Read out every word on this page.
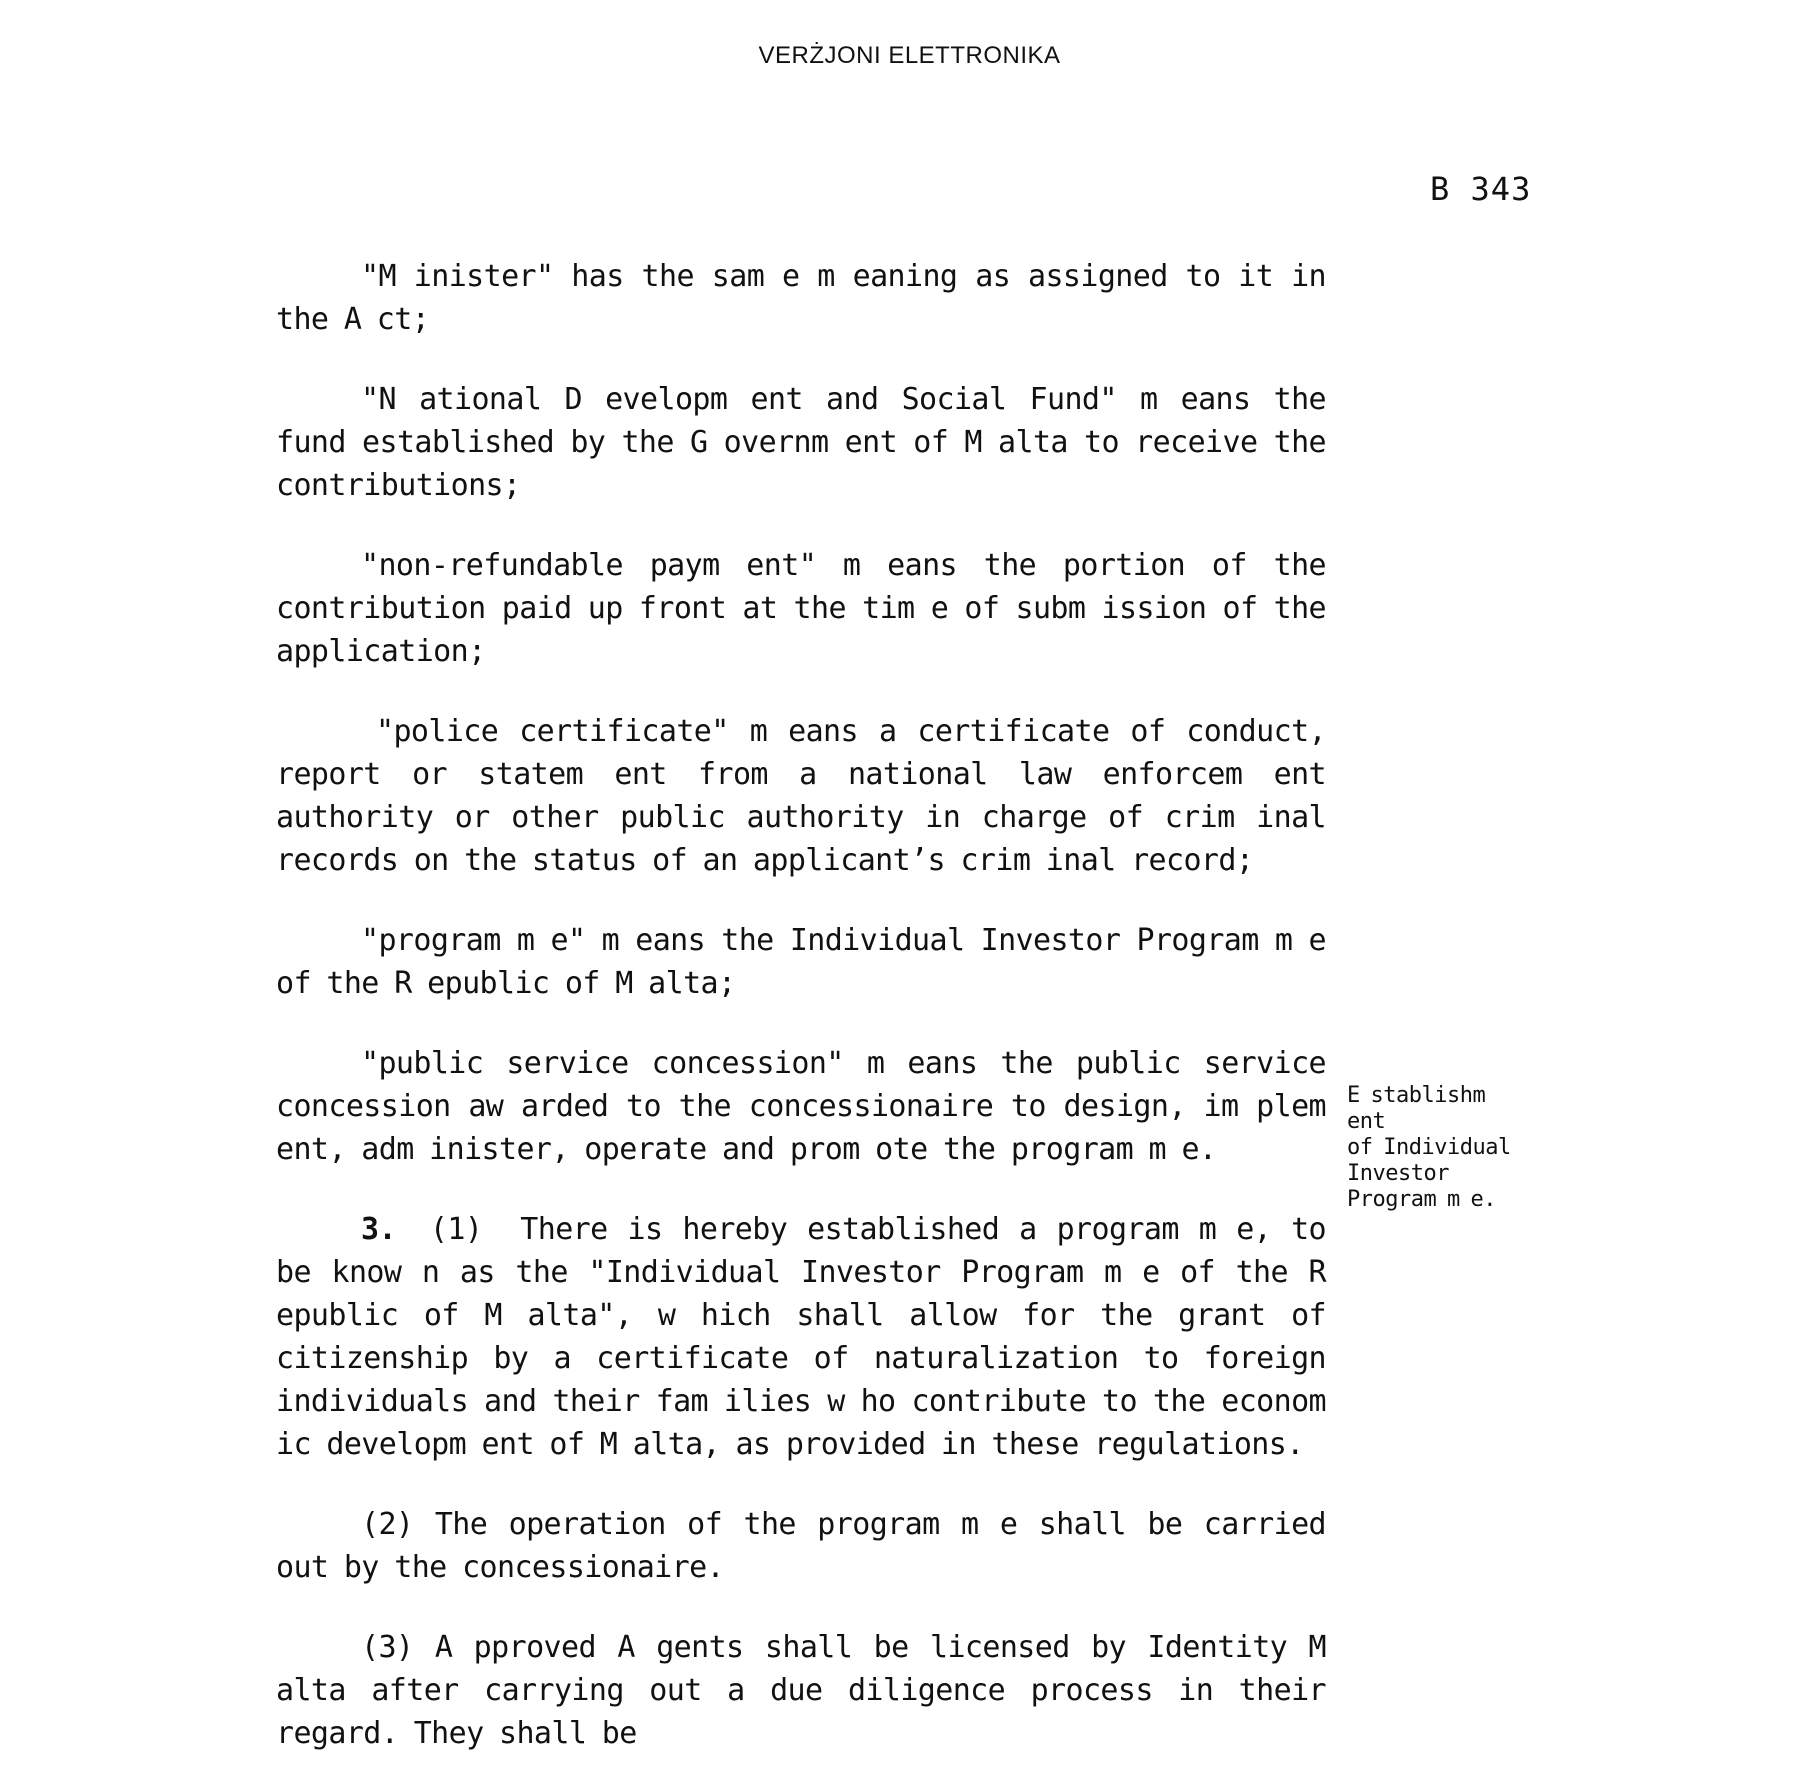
VERŻJONI ELETTRONIKA
B 343

"M inister" has the sam e m eaning as assigned to it in the A ct;

"N ational D evelopm ent and Social Fund" m eans the fund established by the G overnm ent of M alta to receive the contributions;

"non-refundable paym ent" m eans the portion of the contribution paid up front at the tim e of subm ission of the application;

"police certificate" m eans a certificate of conduct, report or statem ent from a national law enforcem ent authority or other public authority in charge of crim inal records on the status of an applicant’s crim inal record;

"program m e" m eans the Individual Investor Program m e of the R epublic of M alta;

"public service concession" m eans the public service concession aw arded to the concessionaire to design, im plem ent, adm inister, operate and prom ote the program m e.

3. (1) There is hereby established a program m e, to be know n as the "Individual Investor Program m e of the R epublic of M alta", w hich shall allow for the grant of citizenship by a certificate of naturalization to foreign individuals and their fam ilies w ho contribute to the econom ic developm ent of M alta, as provided in these regulations.

(2) The operation of the program m e shall be carried out by the concessionaire.

(3) A pproved A gents shall be licensed by Identity M alta after carrying out a due diligence process in their regard. They shall be

E stablishm ent
of Individual
Investor
Program m e.
